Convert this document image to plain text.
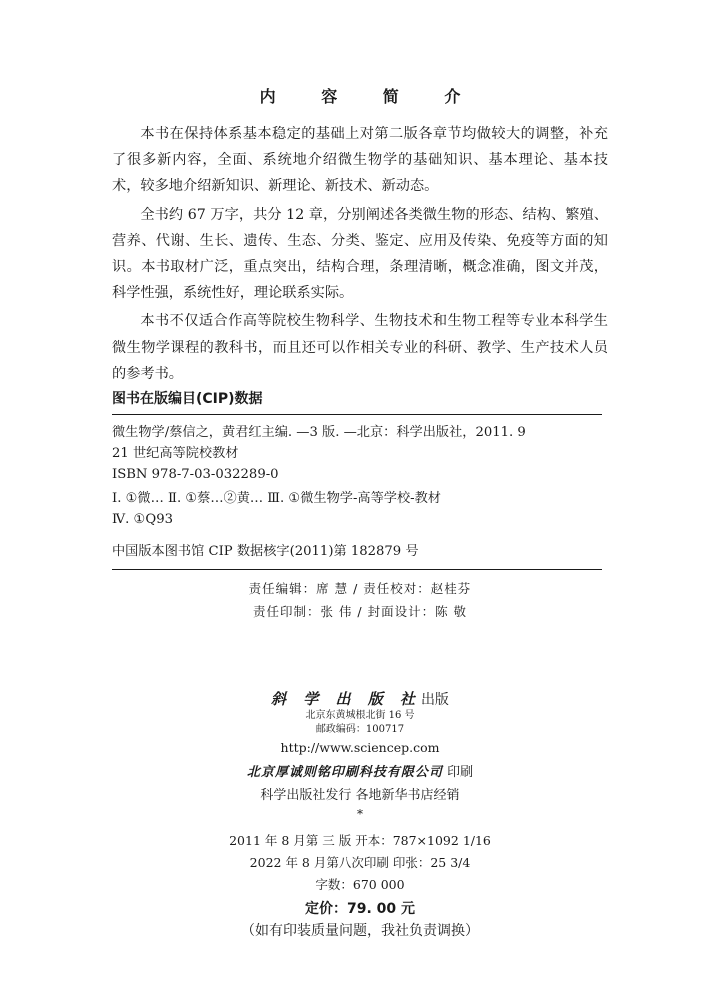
内 容 简 介

本书在保持体系基本稳定的基础上对第二版各章节均做较大的调整，补充了很多新内容，全面、系统地介绍微生物学的基础知识、基本理论、基本技术，较多地介绍新知识、新理论、新技术、新动态。

全书约 67 万字，共分 12 章，分别阐述各类微生物的形态、结构、繁殖、营养、代谢、生长、遗传、生态、分类、鉴定、应用及传染、免疫等方面的知识。本书取材广泛，重点突出，结构合理，条理清晰，概念准确，图文并茂，科学性强，系统性好，理论联系实际。

本书不仅适合作高等院校生物科学、生物技术和生物工程等专业本科学生微生物学课程的教科书，而且还可以作相关专业的科研、教学、生产技术人员的参考书。

图书在版编目(CIP)数据
微生物学/蔡信之，黄君红主编. —3 版. —北京：科学出版社，2011. 9
21 世纪高等院校教材
ISBN 978-7-03-032289-0
Ⅰ. ①微… Ⅱ. ①蔡…②黄… Ⅲ. ①微生物学-高等学校-教材
Ⅳ. ①Q93
中国版本图书馆 CIP 数据核字(2011)第 182879 号
责任编辑：席 慧 / 责任校对：赵桂芬
责任印制：张 伟 / 封面设计：陈 敬
斜 学 出 版 社出版
北京东黄城根北街 16 号
邮政编码：100717
http://www.sciencep.com
北京厚诚则铭印刷科技有限公司 印刷
科学出版社发行 各地新华书店经销
*
2011 年 8 月第 三 版 开本：787×1092 1/16
2022 年 8 月第八次印刷 印张：25 3/4
字数：670 000
定价：79. 00 元
（如有印装质量问题，我社负责调换）
